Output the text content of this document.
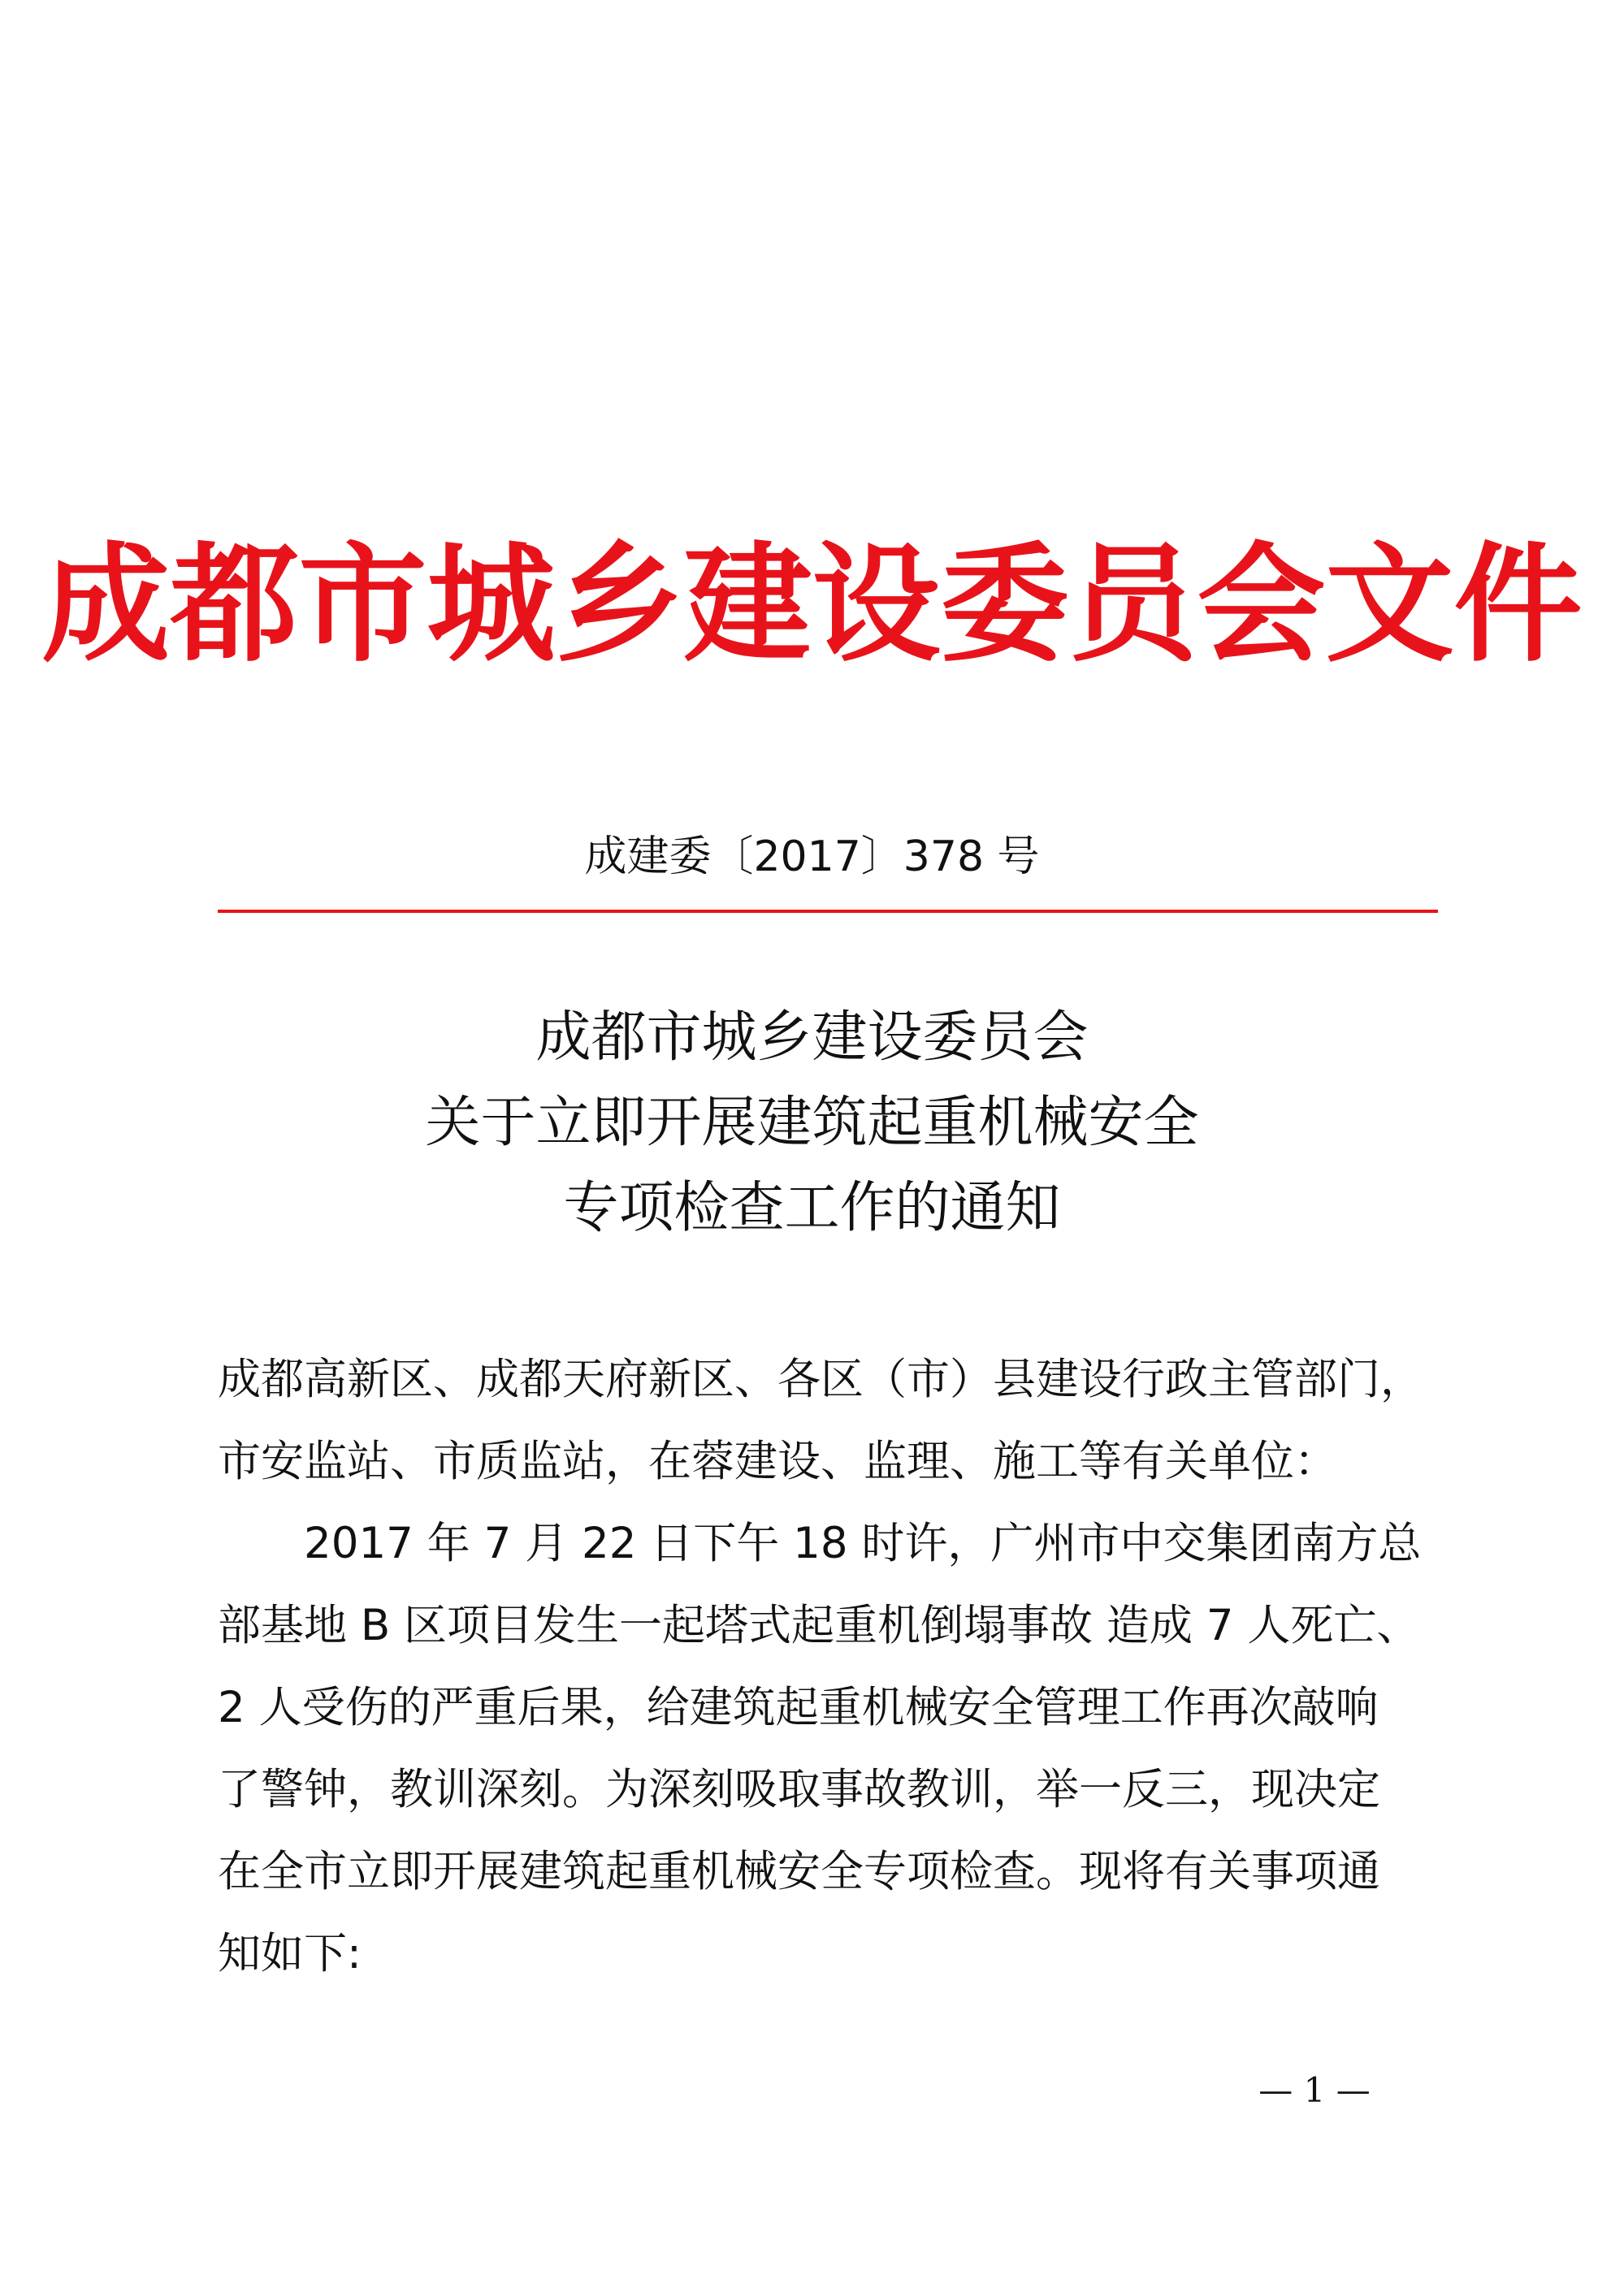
成都市城乡建设委员会文件
成建委〔2017〕378 号
成都市城乡建设委员会
关于立即开展建筑起重机械安全
专项检查工作的通知
成都高新区、成都天府新区、各区（市）县建设行政主管部门，
市安监站、市质监站，在蓉建设、监理、施工等有关单位：
2017 年 7 月 22 日下午 18 时许，广州市中交集团南方总
部基地 B 区项目发生一起塔式起重机倒塌事故 造成 7 人死亡、
2 人受伤的严重后果，给建筑起重机械安全管理工作再次敲响
了警钟，教训深刻。为深刻吸取事故教训，举一反三，现决定
在全市立即开展建筑起重机械安全专项检查。现将有关事项通
知如下:
— 1 —
